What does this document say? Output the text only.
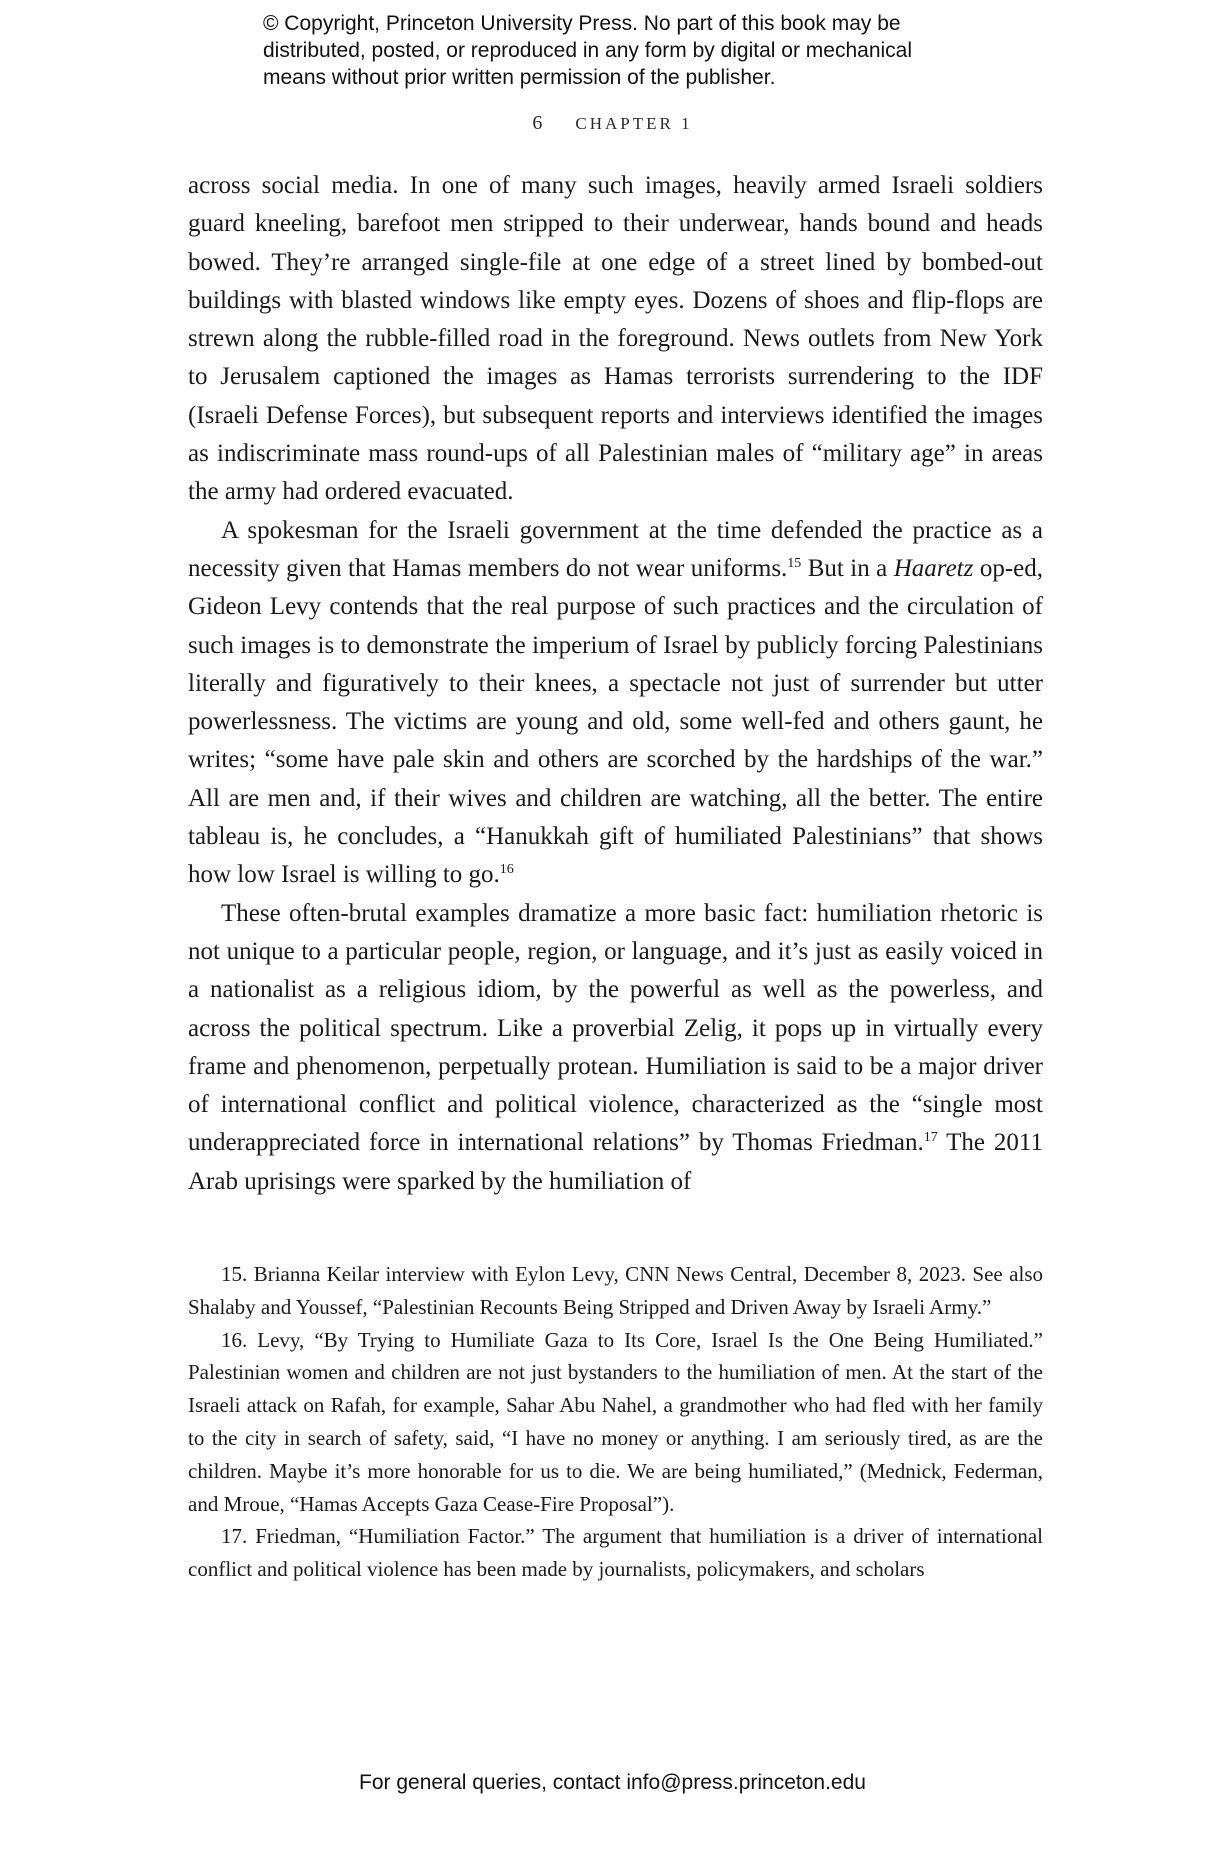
© Copyright, Princeton University Press. No part of this book may be
distributed, posted, or reproduced in any form by digital or mechanical
means without prior written permission of the publisher.
6 CHAPTER 1

across social media. In one of many such images, heavily armed Israeli soldiers guard kneeling, barefoot men stripped to their underwear, hands bound and heads bowed. They’re arranged single-file at one edge of a street lined by bombed-out buildings with blasted windows like empty eyes. Dozens of shoes and flip-flops are strewn along the rubble-filled road in the foreground. News outlets from New York to Jerusalem captioned the images as Hamas terrorists surrendering to the IDF (Israeli Defense Forces), but subsequent reports and interviews identified the images as indiscriminate mass round-ups of all Palestinian males of “military age” in areas the army had ordered evacuated.

A spokesman for the Israeli government at the time defended the practice as a necessity given that Hamas members do not wear uniforms.$^{15}$ But in a Haaretz op-ed, Gideon Levy contends that the real purpose of such practices and the circulation of such images is to demonstrate the imperium of Israel by publicly forcing Palestinians literally and figuratively to their knees, a spectacle not just of surrender but utter powerlessness. The victims are young and old, some well-fed and others gaunt, he writes; “some have pale skin and others are scorched by the hardships of the war.” All are men and, if their wives and children are watching, all the better. The entire tableau is, he concludes, a “Hanukkah gift of humiliated Palestinians” that shows how low Israel is willing to go.$^{16}$

These often-brutal examples dramatize a more basic fact: humiliation rhetoric is not unique to a particular people, region, or language, and it’s just as easily voiced in a nationalist as a religious idiom, by the powerful as well as the powerless, and across the political spectrum. Like a proverbial Zelig, it pops up in virtually every frame and phenomenon, perpetually protean. Humiliation is said to be a major driver of international conflict and political violence, characterized as the “single most underappreciated force in international relations” by Thomas Friedman.$^{17}$ The 2011 Arab uprisings were sparked by the humiliation of

15. Brianna Keilar interview with Eylon Levy, CNN News Central, December 8, 2023. See also Shalaby and Youssef, “Palestinian Recounts Being Stripped and Driven Away by Israeli Army.”

16. Levy, “By Trying to Humiliate Gaza to Its Core, Israel Is the One Being Humiliated.” Palestinian women and children are not just bystanders to the humiliation of men. At the start of the Israeli attack on Rafah, for example, Sahar Abu Nahel, a grandmother who had fled with her family to the city in search of safety, said, “I have no money or anything. I am seriously tired, as are the children. Maybe it’s more honorable for us to die. We are being humiliated,” (Mednick, Federman, and Mroue, “Hamas Accepts Gaza Cease-Fire Proposal”).

17. Friedman, “Humiliation Factor.” The argument that humiliation is a driver of international conflict and political violence has been made by journalists, policymakers, and scholars

For general queries, contact info@press.princeton.edu
